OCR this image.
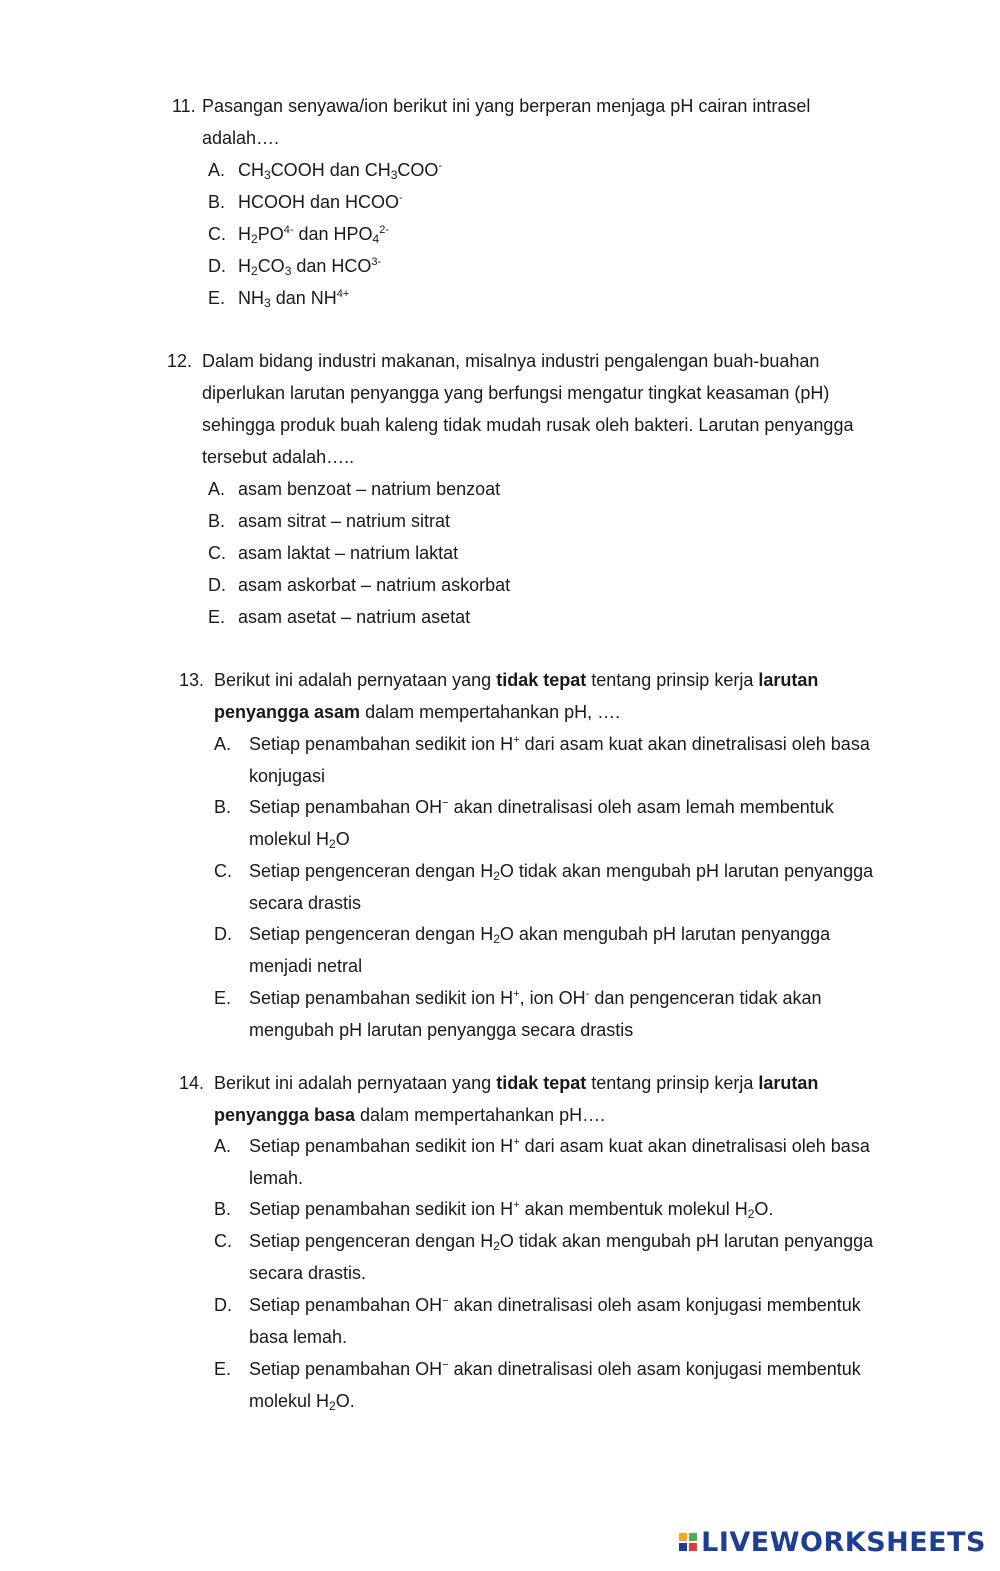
11. Pasangan senyawa/ion berikut ini yang berperan menjaga pH cairan intrasel
adalah….
A. $CH_3COOH$ dan $CH_3COO^-$
B. HCOOH dan HCOO-
C. $H_2PO^{4-}$ dan $HPO_4^{2-}$
D. $H_2CO_3$ dan $HCO^{3-}$
E. $NH_3$ dan $NH^{4+}$
12. Dalam bidang industri makanan, misalnya industri pengalengan buah-buahan
diperlukan larutan penyangga yang berfungsi mengatur tingkat keasaman (pH)
sehingga produk buah kaleng tidak mudah rusak oleh bakteri. Larutan penyangga
tersebut adalah…..
A. asam benzoat – natrium benzoat
B. asam sitrat – natrium sitrat
C. asam laktat – natrium laktat
D. asam askorbat – natrium askorbat
E. asam asetat – natrium asetat
13. Berikut ini adalah pernyataan yang tidak tepat tentang prinsip kerja larutan
penyangga asam dalam mempertahankan pH, ….
A. Setiap penambahan sedikit ion H+ dari asam kuat akan dinetralisasi oleh basa
konjugasi
B. Setiap penambahan OH− akan dinetralisasi oleh asam lemah membentuk
molekul $H_2O$
C. Setiap pengenceran dengan $H_2O$ tidak akan mengubah pH larutan penyangga
secara drastis
D. Setiap pengenceran dengan $H_2O$ akan mengubah pH larutan penyangga
menjadi netral
E. Setiap penambahan sedikit ion H+, ion OH- dan pengenceran tidak akan
mengubah pH larutan penyangga secara drastis
14. Berikut ini adalah pernyataan yang tidak tepat tentang prinsip kerja larutan
penyangga basa dalam mempertahankan pH….
A. Setiap penambahan sedikit ion H+ dari asam kuat akan dinetralisasi oleh basa
lemah.
B. Setiap penambahan sedikit ion H+ akan membentuk molekul $H_2O$.
C. Setiap pengenceran dengan $H_2O$ tidak akan mengubah pH larutan penyangga
secara drastis.
D. Setiap penambahan OH− akan dinetralisasi oleh asam konjugasi membentuk
basa lemah.
E. Setiap penambahan OH− akan dinetralisasi oleh asam konjugasi membentuk
molekul $H_2O$.
LIVEWORKSHEETS
